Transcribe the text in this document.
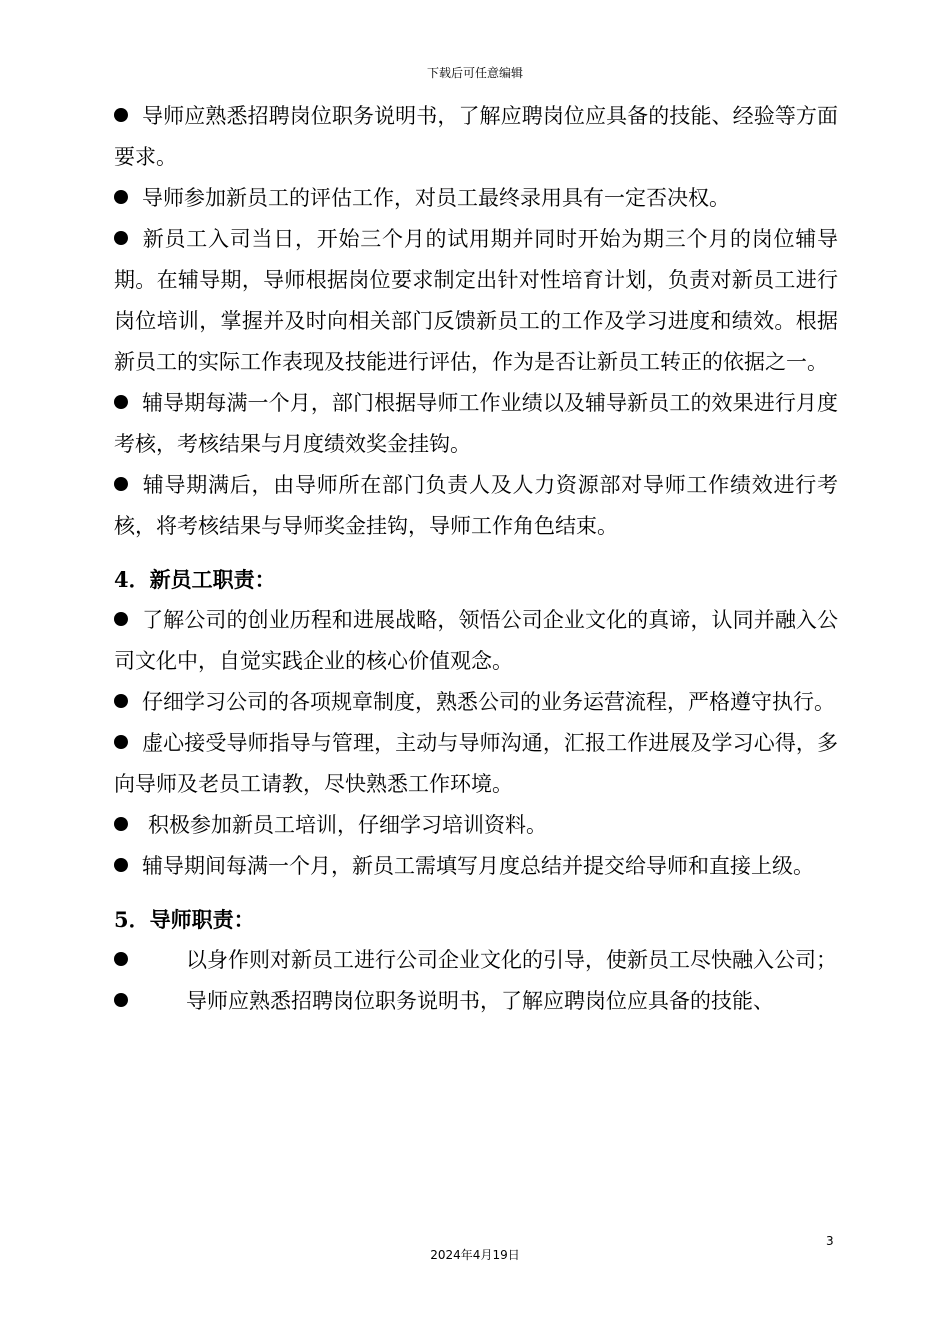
下载后可任意编辑

导师应熟悉招聘岗位职务说明书，了解应聘岗位应具备的技能、经验等方面要求。

导师参加新员工的评估工作，对员工最终录用具有一定否决权。

新员工入司当日，开始三个月的试用期并同时开始为期三个月的岗位辅导期。在辅导期，导师根据岗位要求制定出针对性培育计划，负责对新员工进行岗位培训，掌握并及时向相关部门反馈新员工的工作及学习进度和绩效。根据新员工的实际工作表现及技能进行评估，作为是否让新员工转正的依据之一。

辅导期每满一个月，部门根据导师工作业绩以及辅导新员工的效果进行月度考核，考核结果与月度绩效奖金挂钩。

辅导期满后，由导师所在部门负责人及人力资源部对导师工作绩效进行考核，将考核结果与导师奖金挂钩，导师工作角色结束。

4．新员工职责：

了解公司的创业历程和进展战略，领悟公司企业文化的真谛，认同并融入公司文化中，自觉实践企业的核心价值观念。

仔细学习公司的各项规章制度，熟悉公司的业务运营流程，严格遵守执行。

虚心接受导师指导与管理，主动与导师沟通，汇报工作进展及学习心得，多向导师及老员工请教，尽快熟悉工作环境。

积极参加新员工培训，仔细学习培训资料。

辅导期间每满一个月，新员工需填写月度总结并提交给导师和直接上级。

5．导师职责：

以身作则对新员工进行公司企业文化的引导，使新员工尽快融入公司；

导师应熟悉招聘岗位职务说明书，了解应聘岗位应具备的技能、

3
2024年4月19日
